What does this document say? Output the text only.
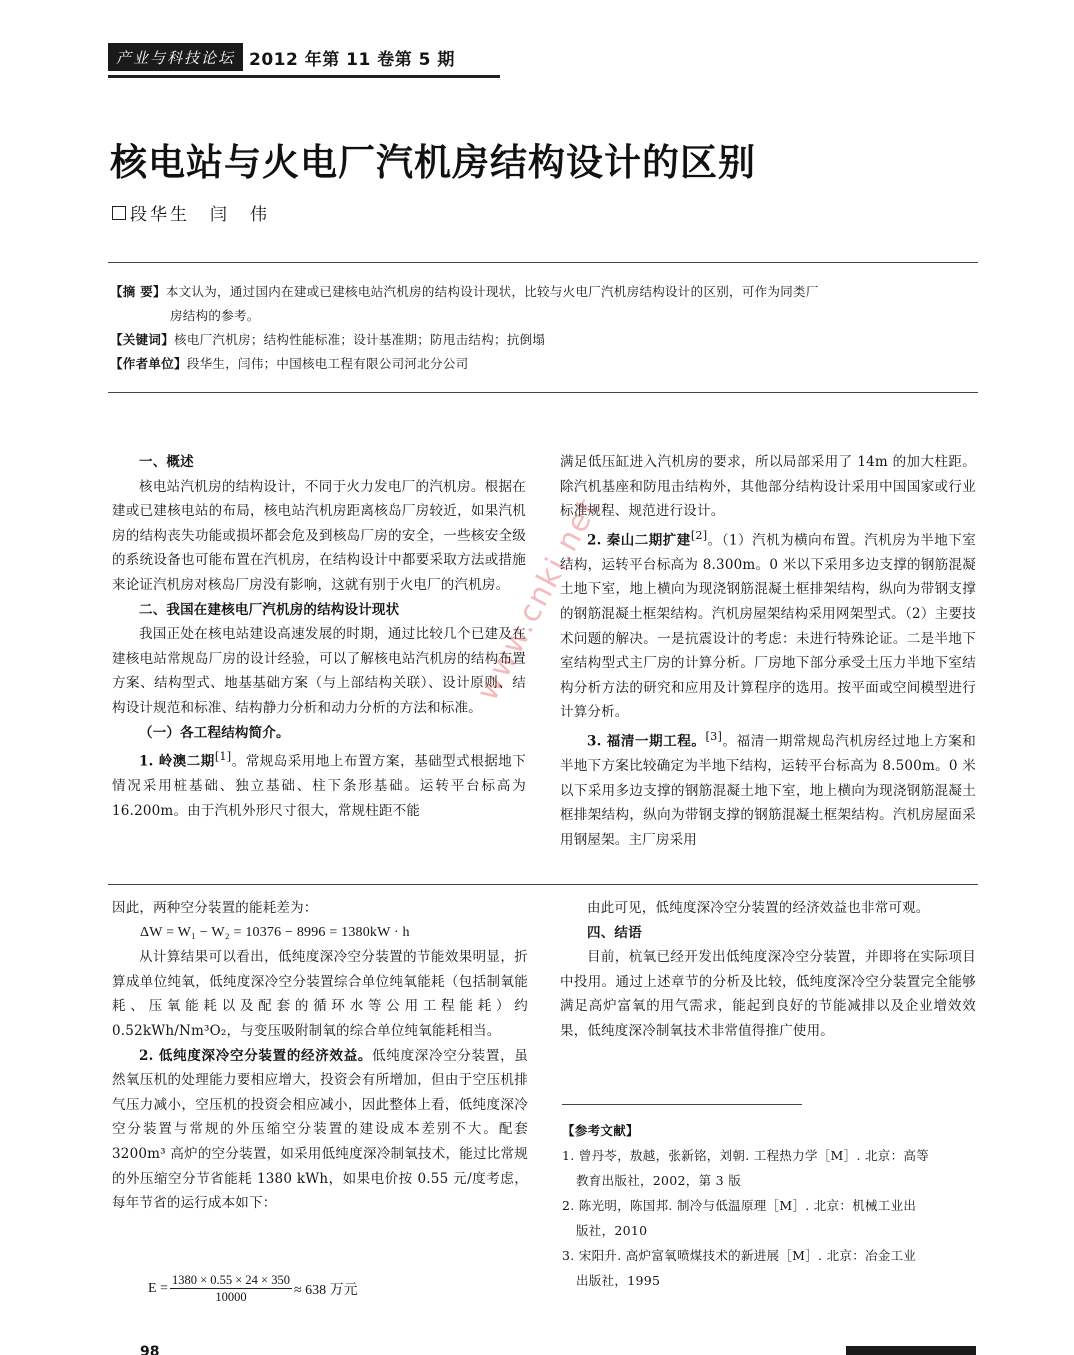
产业与科技论坛 2012 年第 11 卷第 5 期
核电站与火电厂汽机房结构设计的区别
段华生　闫　伟

【摘 要】本文认为，通过国内在建或已建核电站汽机房的结构设计现状，比较与火电厂汽机房结构设计的区别，可作为同类厂

房结构的参考。

【关键词】核电厂汽机房；结构性能标准；设计基准期；防甩击结构；抗倒塌

【作者单位】段华生，闫伟；中国核电工程有限公司河北分公司

www.cnki.net
一、概述

核电站汽机房的结构设计，不同于火力发电厂的汽机房。根据在建或已建核电站的布局，核电站汽机房距离核岛厂房较近，如果汽机房的结构丧失功能或损坏都会危及到核岛厂房的安全，一些核安全级的系统设备也可能布置在汽机房，在结构设计中都要采取方法或措施来论证汽机房对核岛厂房没有影响，这就有别于火电厂的汽机房。

二、我国在建核电厂汽机房的结构设计现状

我国正处在核电站建设高速发展的时期，通过比较几个已建及在建核电站常规岛厂房的设计经验，可以了解核电站汽机房的结构布置方案、结构型式、地基基础方案（与上部结构关联）、设计原则、结构设计规范和标准、结构静力分析和动力分析的方法和标准。

（一）各工程结构简介。

1. 岭澳二期[1]。常规岛采用地上布置方案，基础型式根据地下情况采用桩基础、独立基础、柱下条形基础。运转平台标高为 16.200m。由于汽机外形尺寸很大，常规柱距不能

满足低压缸进入汽机房的要求，所以局部采用了 14m 的加大柱距。除汽机基座和防甩击结构外，其他部分结构设计采用中国国家或行业标准规程、规范进行设计。

2. 秦山二期扩建[2]。（1）汽机为横向布置。汽机房为半地下室结构，运转平台标高为 8.300m。0 米以下采用多边支撑的钢筋混凝土地下室，地上横向为现浇钢筋混凝土框排架结构，纵向为带钢支撑的钢筋混凝土框架结构。汽机房屋架结构采用网架型式。（2）主要技术问题的解决。一是抗震设计的考虑：未进行特殊论证。二是半地下室结构型式主厂房的计算分析。厂房地下部分承受土压力半地下室结构分析方法的研究和应用及计算程序的选用。按平面或空间模型进行计算分析。

3. 福清一期工程。[3]。福清一期常规岛汽机房经过地上方案和半地下方案比较确定为半地下结构，运转平台标高为 8.500m。0 米以下采用多边支撑的钢筋混凝土地下室，地上横向为现浇钢筋混凝土框排架结构，纵向为带钢支撑的钢筋混凝土框架结构。汽机房屋面采用钢屋架。主厂房采用

因此，两种空分装置的能耗差为：

ΔW = W₁ − W₂ = 10376 − 8996 = 1380kW · h

从计算结果可以看出，低纯度深冷空分装置的节能效果明显，折算成单位纯氧，低纯度深冷空分装置综合单位纯氧能耗（包括制氧能耗、压氧能耗以及配套的循环水等公用工程能耗）约 0.52kWh/Nm³O₂，与变压吸附制氧的综合单位纯氧能耗相当。

2. 低纯度深冷空分装置的经济效益。低纯度深冷空分装置，虽然氧压机的处理能力要相应增大，投资会有所增加，但由于空压机排气压力减小，空压机的投资会相应减小，因此整体上看，低纯度深冷空分装置与常规的外压缩空分装置的建设成本差别不大。配套 3200m³ 高炉的空分装置，如采用低纯度深冷制氧技术，能过比常规的外压缩空分节省能耗 1380 kWh，如果电价按 0.55 元/度考虑，每年节省的运行成本如下：

$E = \frac{1380 \times 0.55 \times 24 \times 350}{10000} \approx 638$ 万元

由此可见，低纯度深冷空分装置的经济效益也非常可观。

四、结语

目前，杭氧已经开发出低纯度深冷空分装置，并即将在实际项目中投用。通过上述章节的分析及比较，低纯度深冷空分装置完全能够满足高炉富氧的用气需求，能起到良好的节能减排以及企业增效效果，低纯度深冷制氧技术非常值得推广使用。

【参考文献】
1. 曾丹苓，敖越，张新铭，刘朝. 工程热力学［M］. 北京：高等
教育出版社，2002，第 3 版
2. 陈光明，陈国邦. 制冷与低温原理［M］. 北京：机械工业出
版社，2010
3. 宋阳升. 高炉富氧喷煤技术的新进展［M］. 北京：冶金工业
出版社，1995
98
